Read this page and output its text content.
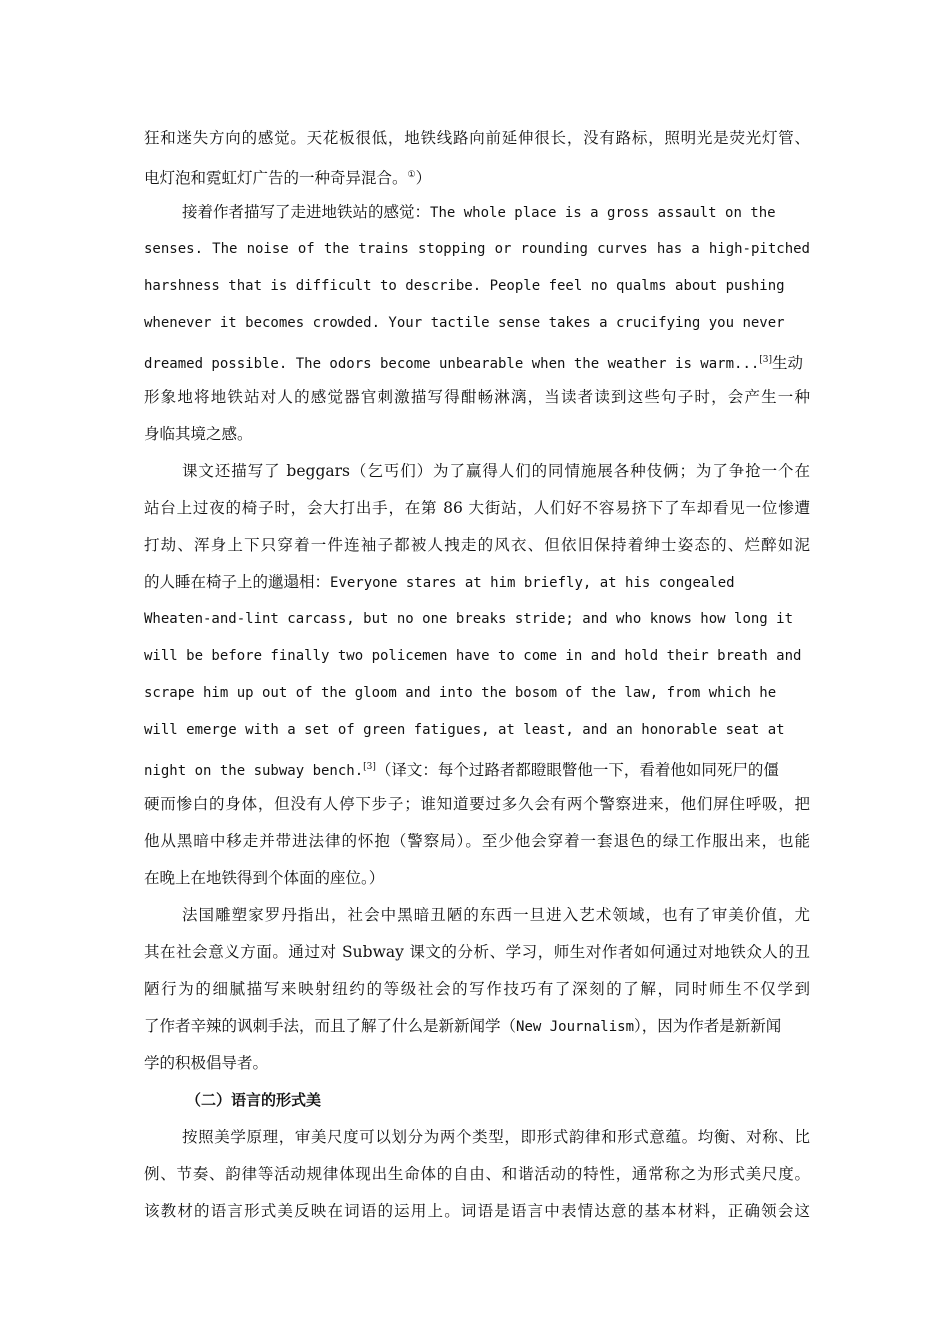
狂和迷失方向的感觉。天花板很低，地铁线路向前延伸很长，没有路标，照明光是荧光灯管、
电灯泡和霓虹灯广告的一种奇异混合。①）
接着作者描写了走进地铁站的感觉：The whole place is a gross assault on the
senses. The noise of the trains stopping or rounding curves has a high-pitched
harshness that is difficult to describe. People feel no qualms about pushing
whenever it becomes crowded. Your tactile sense takes a crucifying you never
dreamed possible. The odors become unbearable when the weather is warm...[3]生动
形象地将地铁站对人的感觉器官刺激描写得酣畅淋漓，当读者读到这些句子时，会产生一种
身临其境之感。
课文还描写了 beggars（乞丐们）为了赢得人们的同情施展各种伎俩；为了争抢一个在
站台上过夜的椅子时，会大打出手，在第 86 大街站，人们好不容易挤下了车却看见一位惨遭
打劫、浑身上下只穿着一件连袖子都被人拽走的风衣、但依旧保持着绅士姿态的、烂醉如泥
的人睡在椅子上的邋遢相：Everyone stares at him briefly, at his congealed
Wheaten-and-lint carcass, but no one breaks stride; and who knows how long it
will be before finally two policemen have to come in and hold their breath and
scrape him up out of the gloom and into the bosom of the law, from which he
will emerge with a set of green fatigues, at least, and an honorable seat at
night on the subway bench.[3]（译文：每个过路者都瞪眼瞥他一下，看着他如同死尸的僵
硬而惨白的身体，但没有人停下步子；谁知道要过多久会有两个警察进来，他们屏住呼吸，把
他从黑暗中移走并带进法律的怀抱（警察局）。至少他会穿着一套退色的绿工作服出来，也能
在晚上在地铁得到个体面的座位。）
法国雕塑家罗丹指出，社会中黑暗丑陋的东西一旦进入艺术领域，也有了审美价值，尤
其在社会意义方面。通过对 Subway 课文的分析、学习，师生对作者如何通过对地铁众人的丑
陋行为的细腻描写来映射纽约的等级社会的写作技巧有了深刻的了解，同时师生不仅学到
了作者辛辣的讽刺手法，而且了解了什么是新新闻学（New Journalism），因为作者是新新闻
学的积极倡导者。
（二）语言的形式美
按照美学原理，审美尺度可以划分为两个类型，即形式韵律和形式意蕴。均衡、对称、比
例、节奏、韵律等活动规律体现出生命体的自由、和谐活动的特性，通常称之为形式美尺度。
该教材的语言形式美反映在词语的运用上。词语是语言中表情达意的基本材料，正确领会这
